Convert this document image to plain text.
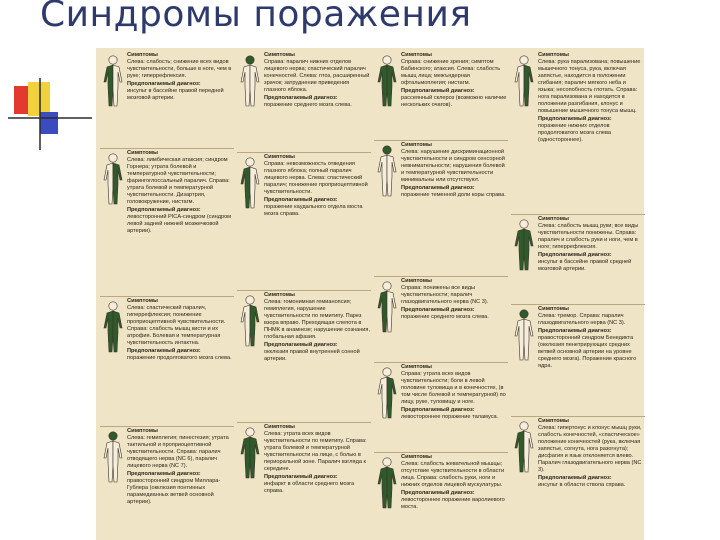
Синдромы поражения
Симптомы
Слева: слабость; снижение всех видов чувствительности, больше в ноге, чем в руке; гиперрефлексия.
Предполагаемый диагноз:
инсульт в бассейне правой передней мозговой артерии.
Симптомы
Слева: лимбическая атаксия; синдром Горнера; утрата болевой и температурной чувствительности; фарингоглоссальный паралич. Справа: утрата болевой и температурной чувствительности. Дизартрия, головокружение, нистагм.
Предполагаемый диагноз:
левосторонний PICA-синдром (синдром левой задней нижней мозжечковой артерии).
Симптомы
Слева: спастический паралич, гиперрефлексия; понижение проприоцептивной чувствительности. Справа: слабость мышц кисти и их атрофия. Болевая и температурная чувствительность интактна.
Предполагаемый диагноз:
поражение продолговатого мозга слева.
Симптомы
Слева: гемиплегия; пинестезия; утрата тактильной и проприоцептивной чувствительности. Справа: паралич отводящего нерва (NC 6), паралич лицевого нерва (NC 7).
Предполагаемый диагноз:
правосторонний синдром Миллара-Гублера (окклюзия понтинных парамедианных ветвей основной артерии).
Симптомы
Справа: паралич нижних отделов лицевого нерва; спастический паралич конечностей. Слева: птоз, расширенный зрачок; затруднение приведения глазного яблока.
Предполагаемый диагноз:
поражение среднего мозга слева.
Симптомы
Справа: невозможность отведения глазного яблока; полный паралич лицевого нерва. Слева: спастический паралич; понижение проприоцептивной чувствительности.
Предполагаемый диагноз:
поражение каудального отдела моста мозга справа.
Симптомы
Слева: гомонимная гемианопсия; гемиплегия, нарушение чувствительности по гемитипу. Парез взора вправо. Преходящая слепота в ПНМК в анамнезе; нарушение сознания, глобальная афазия.
Предполагаемый диагноз:
окклюзия правой внутренней сонной артерии.
Симптомы
Слева: утрата всех видов чувствительности по гемитипу. Справа: утрата болевой и температурной чувствительности на лице, с болью в периоральной зоне. Паралич взгляда к середине.
Предполагаемый диагноз:
инфаркт в области среднего мозга справа.
Симптомы
Справа: снижение зрения; симптом Бабинского; атаксия. Слева: слабость мышц лица; межъядерная офтальмоплегия; нистагм.
Предполагаемый диагноз:
рассеянный склероз (возможно наличие нескольких очагов).
Симптомы
Слева: нарушение дискриминационной чувствительности и синдром сенсорной невнимательности; нарушения болевой и температурной чувствительности минимальны или отсутствуют.
Предполагаемый диагноз:
поражение теменной доли коры справа.
Симптомы
Справа: понижены все виды чувствительности; паралич глазодвигательного нерва (NC 3).
Предполагаемый диагноз:
поражение среднего мозга слева.
Симптомы
Справа: утрата всех видов чувствительности; боли в левой половине туловища и в конечностях, (в том числе болевой и температурной) по лицу, руке, туловищу и ноге.
Предполагаемый диагноз:
левостороннее поражение таламуса.
Симптомы
Слева: слабость жевательной мышцы; отсутствие чувствительности в области лица. Справа: слабость руки, ноги и нижних отделов лицевой мускулатуры.
Предполагаемый диагноз:
левостороннее поражение варолиевого моста.
Симптомы
Слева: рука парализована; повышение мышечного тонуса, рука, включая запястье, находится в положении сгибания; паралич мягкого неба и языка; несопобность глотать. Справа: нога парализована и находится в положении разгибания, клонус и повышение мышечного тонуса мышц.
Предполагаемый диагноз:
поражение нижних отделов продолговатого мозга слева (одностороннее).
Симптомы
Слева: слабость мышц руки; все виды чувствительности понижены. Справа: паралич и слабость руки и ноги, чем в ноге; гиперрефлексия.
Предполагаемый диагноз:
инсульт в бассейне правой средней мозговой артерии.
Симптомы
Слева: тремор. Справа: паралич глазодвигательного нерва (NC 3).
Предполагаемый диагноз:
правосторонний синдром Бенедикта (окклюзия пенетрирующих средних ветвей основной артерии на уровне среднего мозга). Поражение красного ядра.
Симптомы
Слева: гипертонус и клонус мышц руки, слабость конечностей, «спастическое» положение конечностей (рука, включая запястье, согнута, нога разогнута); дисфагия и язык отклоняется влево. Паралич глазодвигательного нерва (NC 3).
Предполагаемый диагноз:
инсульт в области ствола справа.
